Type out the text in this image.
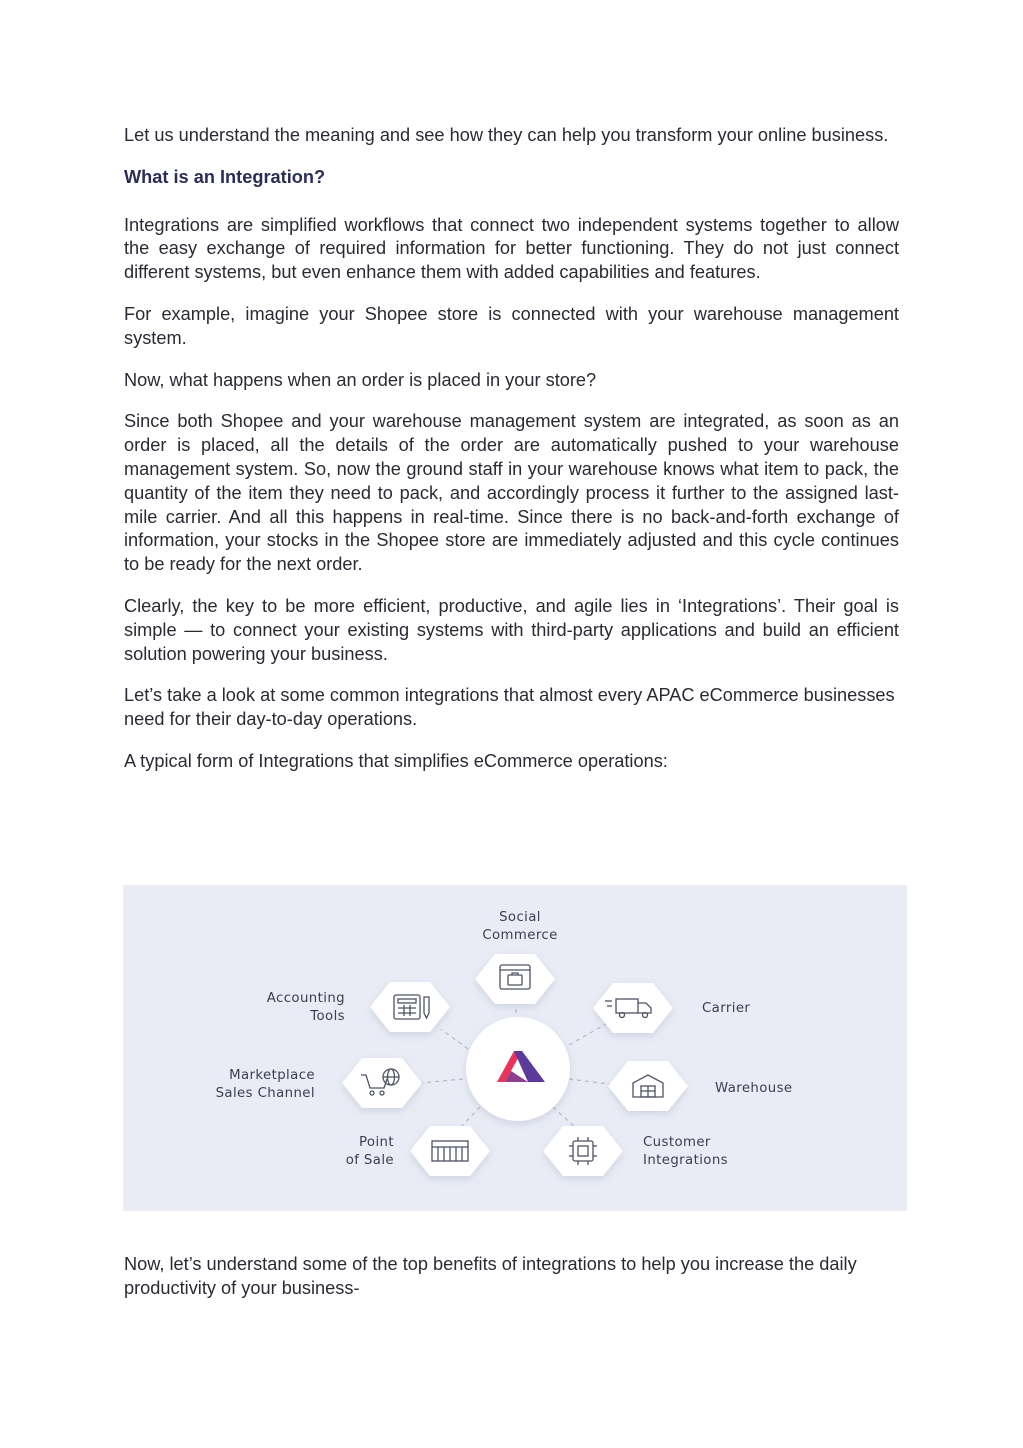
Let us understand the meaning and see how they can help you transform your online business.

What is an Integration?

Integrations are simplified workflows that connect two independent systems together to allow the easy exchange of required information for better functioning. They do not just connect different systems, but even enhance them with added capabilities and features.

For example, imagine your Shopee store is connected with your warehouse management system.

Now, what happens when an order is placed in your store?

Since both Shopee and your warehouse management system are integrated, as soon as an order is placed, all the details of the order are automatically pushed to your warehouse management system. So, now the ground staff in your warehouse knows what item to pack, the quantity of the item they need to pack, and accordingly process it further to the assigned last-mile carrier. And all this happens in real-time. Since there is no back-and-forth exchange of information, your stocks in the Shopee store are immediately adjusted and this cycle continues to be ready for the next order.

Clearly, the key to be more efficient, productive, and agile lies in ‘Integrations’. Their goal is simple — to connect your existing systems with third-party applications and build an efficient solution powering your business.

Let’s take a look at some common integrations that almost every APAC eCommerce businesses need for their day-to-day operations.

A typical form of Integrations that simplifies eCommerce operations:

Social
Commerce
Carrier
Warehouse
Customer
Integrations
Point
of Sale
Marketplace
Sales Channel
Accounting
Tools

Now, let’s understand some of the top benefits of integrations to help you increase the daily productivity of your business-
